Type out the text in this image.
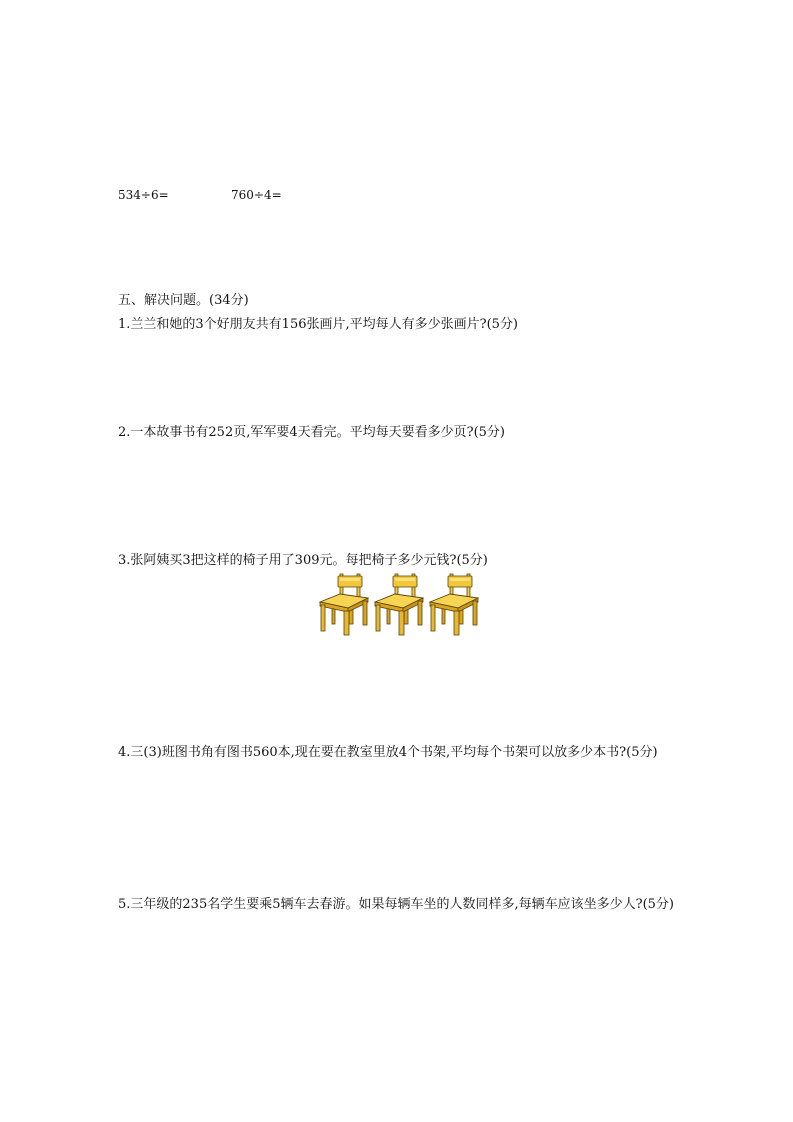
534÷6=	760÷4=
五、解决问题。(34分)
1.兰兰和她的3个好朋友共有156张画片,平均每人有多少张画片?(5分)
2.一本故事书有252页,军军要4天看完。平均每天要看多少页?(5分)
3.张阿姨买3把这样的椅子用了309元。每把椅子多少元钱?(5分)
4.三(3)班图书角有图书560本,现在要在教室里放4个书架,平均每个书架可以放多少本书?(5分)
5.三年级的235名学生要乘5辆车去春游。如果每辆车坐的人数同样多,每辆车应该坐多少人?(5分)
